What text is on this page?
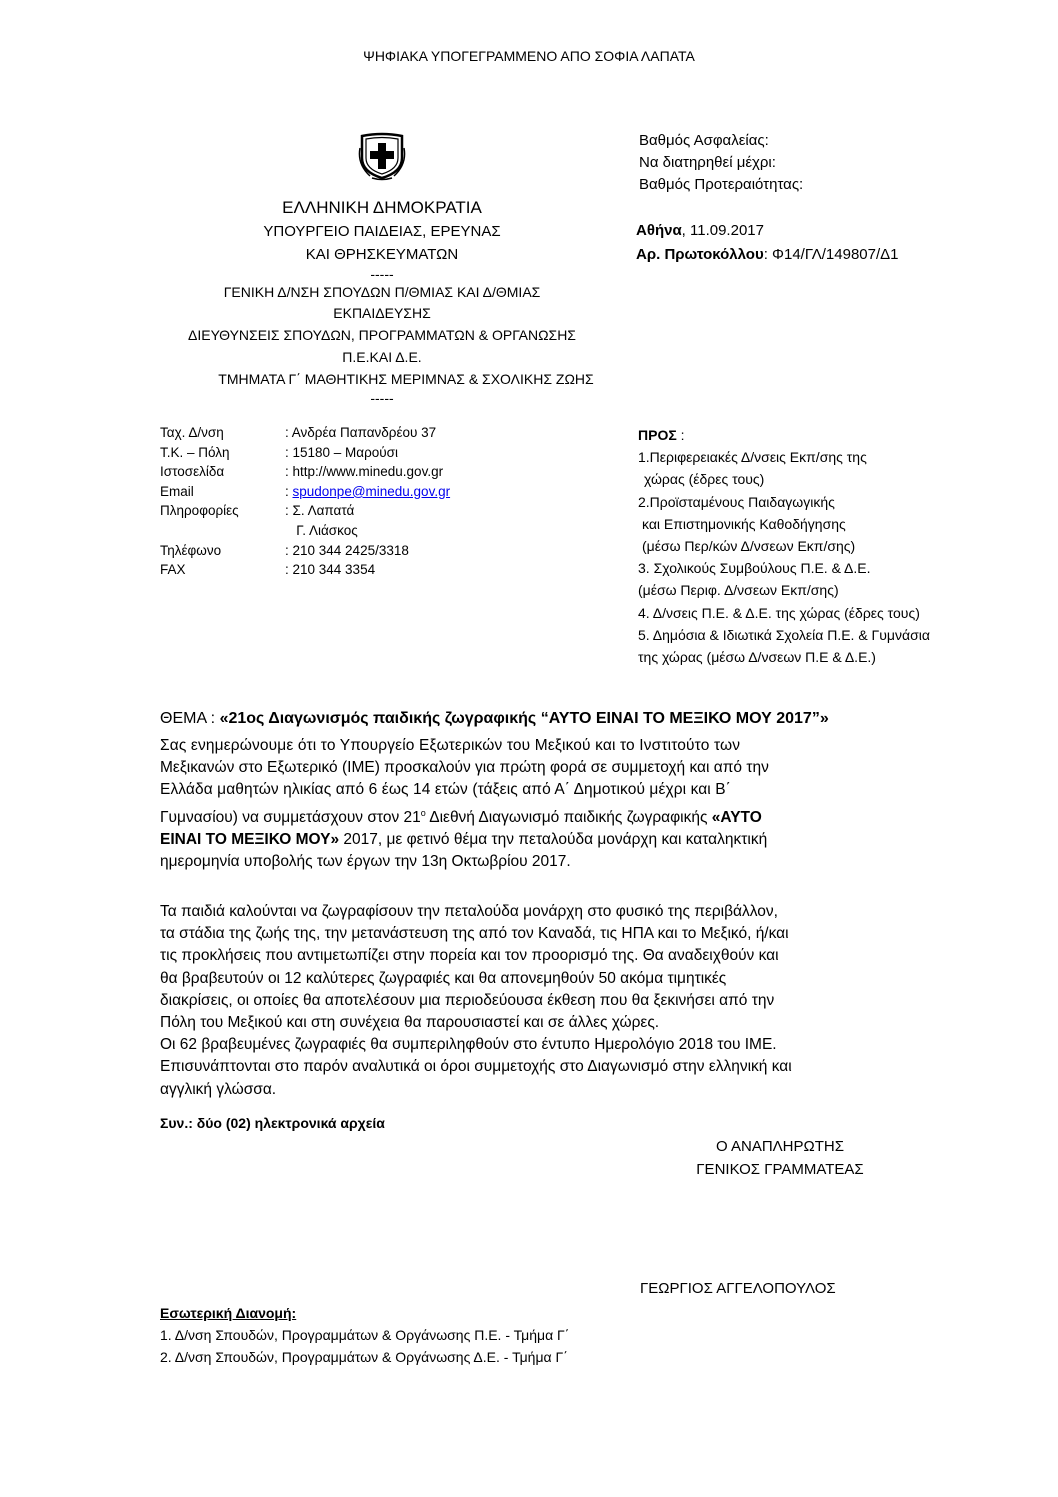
ΨΗΦΙΑΚΑ ΥΠΟΓΕΓΡΑΜΜΕΝΟ ΑΠΟ ΣΟΦΙΑ ΛΑΠΑΤΑ
ΕΛΛΗΝΙΚΗ ΔΗΜΟΚΡΑΤΙΑ
ΥΠΟΥΡΓΕΙΟ ΠΑΙΔΕΙΑΣ, ΕΡΕΥΝΑΣ
ΚΑΙ ΘΡΗΣΚΕΥΜΑΤΩΝ
-----
ΓΕΝΙΚΗ Δ/ΝΣΗ ΣΠΟΥΔΩΝ Π/ΘΜΙΑΣ ΚΑΙ Δ/ΘΜΙΑΣ
ΕΚΠΑΙΔΕΥΣΗΣ
ΔΙΕΥΘΥΝΣΕΙΣ ΣΠΟΥΔΩΝ, ΠΡΟΓΡΑΜΜΑΤΩΝ & ΟΡΓΑΝΩΣΗΣ
Π.Ε.ΚΑΙ Δ.Ε.
ΤΜΗΜΑΤΑ Γ΄ ΜΑΘΗΤΙΚΗΣ ΜΕΡΙΜΝΑΣ & ΣΧΟΛΙΚΗΣ ΖΩΗΣ
-----
Βαθμός Ασφαλείας:
Να διατηρηθεί μέχρι:
Βαθμός Προτεραιότητας:
Αθήνα, 11.09.2017
Αρ. Πρωτοκόλλου: Φ14/ΓΛ/149807/Δ1
Ταχ. Δ/νση	: Ανδρέα Παπανδρέου 37
Τ.Κ. – Πόλη	: 15180 – Μαρούσι
Ιστοσελίδα	: http://www.minedu.gov.gr
Email	: spudonpe@minedu.gov.gr
Πληροφορίες	: Σ. Λαπατά
Γ. Λιάσκος
Τηλέφωνο	: 210 344 2425/3318
FAX	: 210 344 3354
ΠΡΟΣ :
1.Περιφερειακές Δ/νσεις Εκπ/σης της
χώρας (έδρες τους)
2.Προϊσταμένους Παιδαγωγικής
και Επιστημονικής Καθοδήγησης
(μέσω Περ/κών Δ/νσεων Εκπ/σης)
3. Σχολικούς Συμβούλους Π.Ε. & Δ.Ε.
(μέσω Περιφ. Δ/νσεων Εκπ/σης)
4. Δ/νσεις Π.Ε. & Δ.Ε. της χώρας (έδρες τους)
5. Δημόσια & Ιδιωτικά Σχολεία Π.Ε. & Γυμνάσια
της χώρας (μέσω Δ/νσεων Π.Ε & Δ.Ε.)
ΘΕΜΑ : «21ος Διαγωνισμός παιδικής ζωγραφικής “ΑΥΤΟ ΕΙΝΑΙ ΤΟ ΜΕΞΙΚΟ ΜΟΥ 2017”»
Σας ενημερώνουμε ότι το Υπουργείο Εξωτερικών του Μεξικού και το Ινστιτούτο των
Μεξικανών στο Εξωτερικό (IME) προσκαλούν για πρώτη φορά σε συμμετοχή και από την
Ελλάδα μαθητών ηλικίας από 6 έως 14 ετών (τάξεις από Α΄ Δημοτικού μέχρι και Β΄
Γυμνασίου) να συμμετάσχουν στον $21^o$ Διεθνή Διαγωνισμό παιδικής ζωγραφικής «ΑΥΤΟ
ΕΙΝΑΙ ΤΟ ΜΕΞΙΚΟ ΜΟΥ» 2017, με φετινό θέμα την πεταλούδα μονάρχη και καταληκτική
ημερομηνία υποβολής των έργων την 13η Οκτωβρίου 2017.
Τα παιδιά καλούνται να ζωγραφίσουν την πεταλούδα μονάρχη στο φυσικό της περιβάλλον,
τα στάδια της ζωής της, την μετανάστευση της από τον Καναδά, τις ΗΠΑ και το Μεξικό, ή/και
τις προκλήσεις που αντιμετωπίζει στην πορεία και τον προορισμό της. Θα αναδειχθούν και
θα βραβευτούν οι 12 καλύτερες ζωγραφιές και θα απονεμηθούν 50 ακόμα τιμητικές
διακρίσεις, οι οποίες θα αποτελέσουν μια περιοδεύουσα έκθεση που θα ξεκινήσει από την
Πόλη του Μεξικού και στη συνέχεια θα παρουσιαστεί και σε άλλες χώρες.
Οι 62 βραβευμένες ζωγραφιές θα συμπεριληφθούν στο έντυπο Ημερολόγιο 2018 του ΙΜΕ.
Επισυνάπτονται στο παρόν αναλυτικά οι όροι συμμετοχής στο Διαγωνισμό στην ελληνική και
αγγλική γλώσσα.
Συν.: δύο (02) ηλεκτρονικά αρχεία
Ο ΑΝΑΠΛΗΡΩΤΗΣ
ΓΕΝΙΚΟΣ ΓΡΑΜΜΑΤΕΑΣ
ΓΕΩΡΓΙΟΣ ΑΓΓΕΛΟΠΟΥΛΟΣ
Εσωτερική Διανομή:
1. Δ/νση Σπουδών, Προγραμμάτων & Οργάνωσης Π.Ε. - Τμήμα Γ΄
2. Δ/νση Σπουδών, Προγραμμάτων & Οργάνωσης Δ.Ε. - Τμήμα Γ΄
